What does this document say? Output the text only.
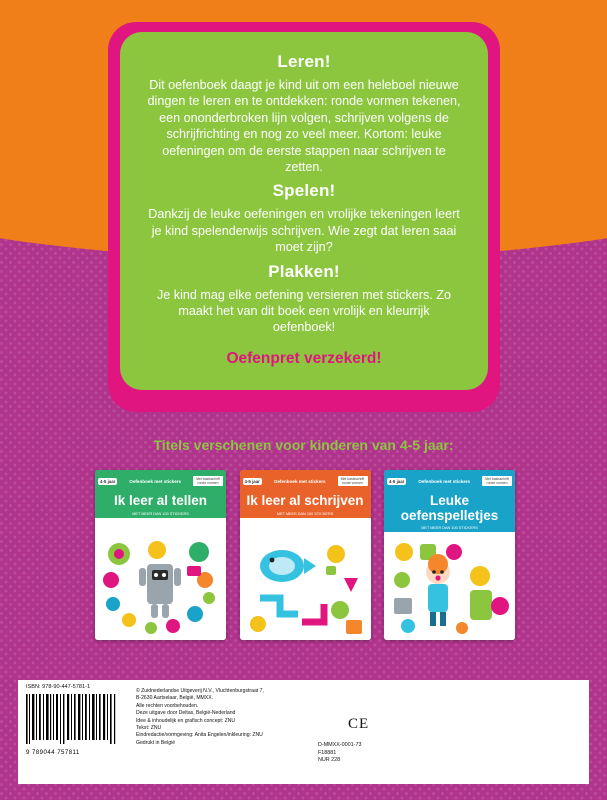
Leren!
Dit oefenboek daagt je kind uit om een heleboel nieuwe dingen te leren en te ontdekken: ronde vormen tekenen, een ononderbroken lijn volgen, schrijven volgens de schrijfrichting en nog zo veel meer. Kortom: leuke oefeningen om de eerste stappen naar schrijven te zetten.
Spelen!
Dankzij de leuke oefeningen en vrolijke tekeningen leert je kind spelenderwijs schrijven. Wie zegt dat leren saai moet zijn?
Plakken!
Je kind mag elke oefening versieren met stickers. Zo maakt het van dit boek een vrolijk en kleurrijk oefenboek!
Oefenpret verzekerd!
Titels verschenen voor kinderen van 4-5 jaar:
4-5 jaar	Oefenboek met stickers	Met basisschrift ronde vormen
Ik leer al tellen
MET MEER DAN 100 STICKERS
4-5 jaar	Oefenboek met stickers	Met basisschrift ronde vormen
Ik leer al schrijven
MET MEER DAN 100 STICKERS
4-5 jaar	Oefenboek met stickers	Met basisschrift ronde vormen
Leuke oefenspelletjes
MET MEER DAN 100 STICKERS
ISBN: 978-90-447-5781-1
9 789044 757811
© Zuidnederlandse Uitgeverij N.V., Vluchtenburgstraat 7,
B-2630 Aartselaar, België, MMXX.
Alle rechten voorbehouden.
Deze uitgave door Deltas, België-Nederland
Idee & inhoudelijk en grafisch concept: ZNU
Tekst: ZNU
Eindredactie/vormgeving: Anita Engelen/inkleuring: ZNU
Gedrukt in België
CE
D-MMXX-0001-73
F18881
NUR 228
